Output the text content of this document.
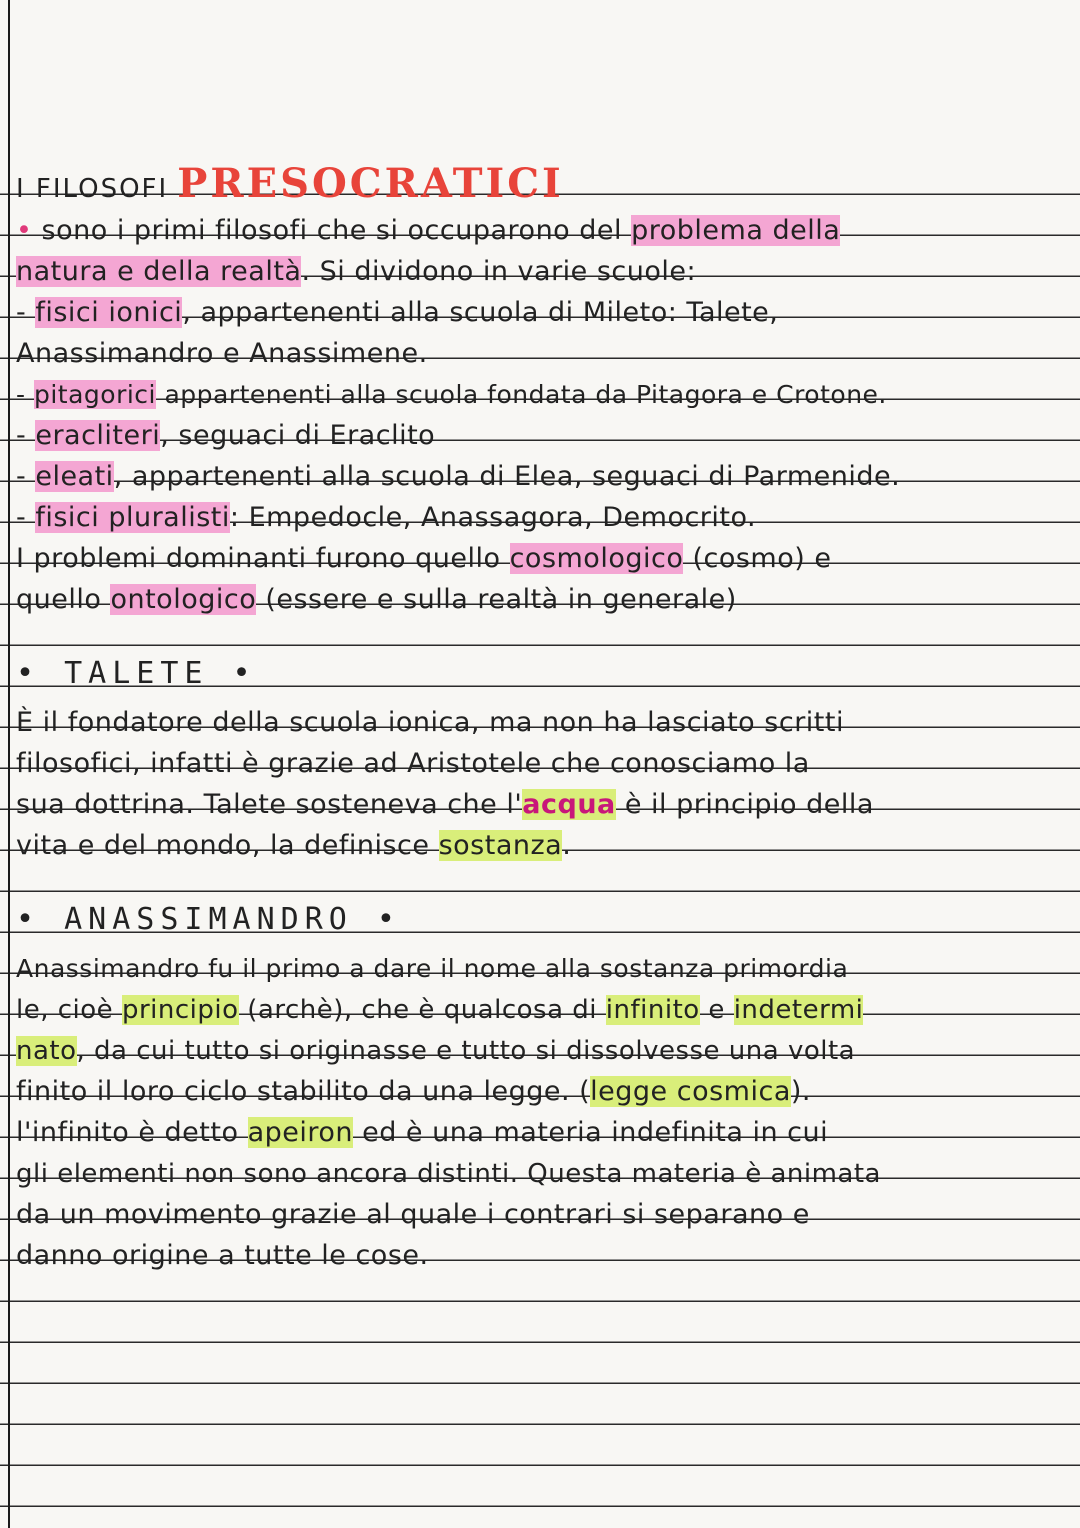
I FILOSOFI PRESOCRATICI
• sono i primi filosofi che si occuparono del problema della
natura e della realtà. Si dividono in varie scuole:
- fisici ionici, appartenenti alla scuola di Mileto: Talete,
Anassimandro e Anassimene.
- pitagorici appartenenti alla scuola fondata da Pitagora e Crotone.
- eracliteri, seguaci di Eraclito
- eleati, appartenenti alla scuola di Elea, seguaci di Parmenide.
- fisici pluralisti: Empedocle, Anassagora, Democrito.
I problemi dominanti furono quello cosmologico (cosmo) e
quello ontologico (essere e sulla realtà in generale)
• TALETE •
È il fondatore della scuola ionica, ma non ha lasciato scritti
filosofici, infatti è grazie ad Aristotele che conosciamo la
sua dottrina. Talete sosteneva che l'acqua è il principio della
vita e del mondo, la definisce sostanza.
• ANASSIMANDRO •
Anassimandro fu il primo a dare il nome alla sostanza primordia
le, cioè principio (archè), che è qualcosa di infinito e indetermi
nato, da cui tutto si originasse e tutto si dissolvesse una volta
finito il loro ciclo stabilito da una legge. (legge cosmica).
l'infinito è detto apeiron ed è una materia indefinita in cui
gli elementi non sono ancora distinti. Questa materia è animata
da un movimento grazie al quale i contrari si separano e
danno origine a tutte le cose.
